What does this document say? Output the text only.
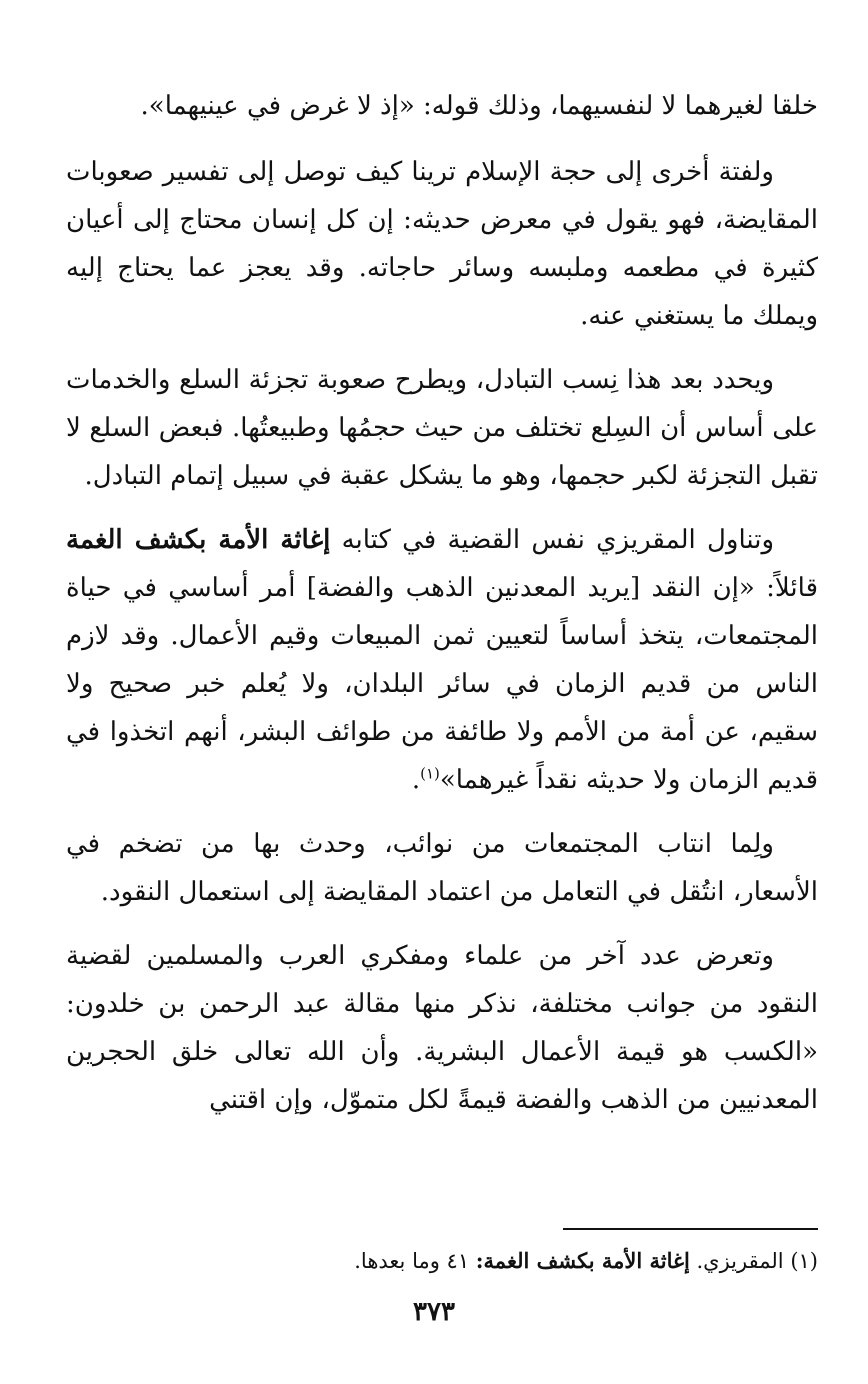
خلقا لغيرهما لا لنفسيهما، وذلك قوله: «إذ لا غرض في عينيهما».

ولفتة أخرى إلى حجة الإسلام ترينا كيف توصل إلى تفسير صعوبات المقايضة، فهو يقول في معرض حديثه: إن كل إنسان محتاج إلى أعيان كثيرة في مطعمه وملبسه وسائر حاجاته. وقد يعجز عما يحتاج إليه ويملك ما يستغني عنه.

ويحدد بعد هذا نِسب التبادل، ويطرح صعوبة تجزئة السلع والخدمات على أساس أن السِلع تختلف من حيث حجمُها وطبيعتُها. فبعض السلع لا تقبل التجزئة لكبر حجمها، وهو ما يشكل عقبة في سبيل إتمام التبادل.

وتناول المقريزي نفس القضية في كتابه إغاثة الأمة بكشف الغمة قائلاً: «إن النقد [يريد المعدنين الذهب والفضة] أمر أساسي في حياة المجتمعات، يتخذ أساساً لتعيين ثمن المبيعات وقيم الأعمال. وقد لازم الناس من قديم الزمان في سائر البلدان، ولا يُعلم خبر صحيح ولا سقيم، عن أمة من الأمم ولا طائفة من طوائف البشر، أنهم اتخذوا في قديم الزمان ولا حديثه نقداً غيرهما»$^{(١)}$.

ولِما انتاب المجتمعات من نوائب، وحدث بها من تضخم في الأسعار، انتُقل في التعامل من اعتماد المقايضة إلى استعمال النقود.

وتعرض عدد آخر من علماء ومفكري العرب والمسلمين لقضية النقود من جوانب مختلفة، نذكر منها مقالة عبد الرحمن بن خلدون: «الكسب هو قيمة الأعمال البشرية. وأن الله تعالى خلق الحجرين المعدنيين من الذهب والفضة قيمةً لكل متموّل، وإن اقتني

(١) المقريزي. إغاثة الأمة بكشف الغمة: ٤١ وما بعدها.
٣٧٣
